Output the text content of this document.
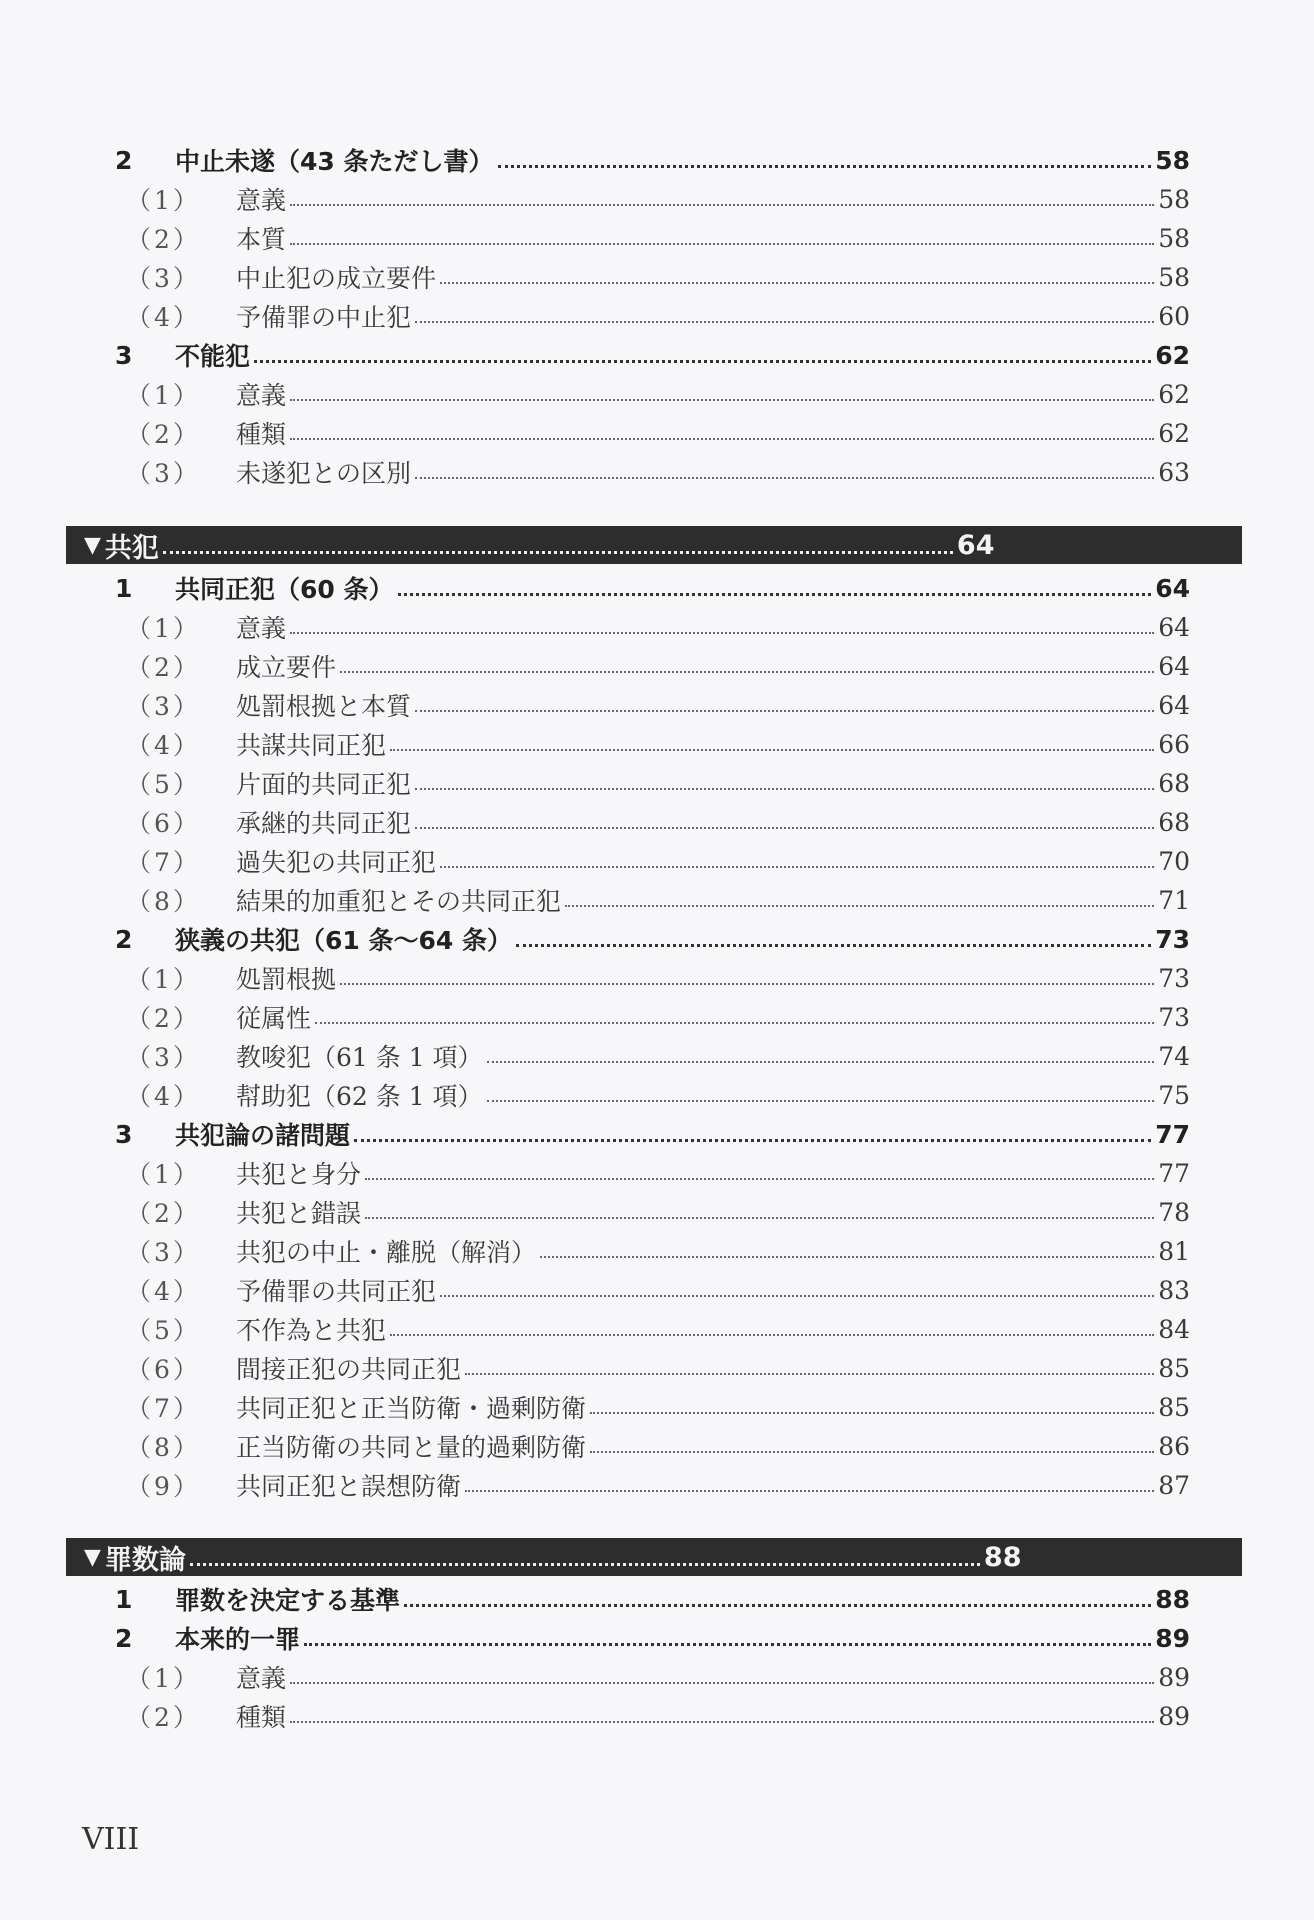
2	中止未遂（43 条ただし書）	58
（1）	意義	58
（2）	本質	58
（3）	中止犯の成立要件	58
（4）	予備罪の中止犯	60
3	不能犯	62
（1）	意義	62
（2）	種類	62
（3）	未遂犯との区別	63
▼ 共犯	64
1	共同正犯（60 条）	64
（1）	意義	64
（2）	成立要件	64
（3）	処罰根拠と本質	64
（4）	共謀共同正犯	66
（5）	片面的共同正犯	68
（6）	承継的共同正犯	68
（7）	過失犯の共同正犯	70
（8）	結果的加重犯とその共同正犯	71
2	狭義の共犯（61 条〜64 条）	73
（1）	処罰根拠	73
（2）	従属性	73
（3）	教唆犯（61 条 1 項）	74
（4）	幇助犯（62 条 1 項）	75
3	共犯論の諸問題	77
（1）	共犯と身分	77
（2）	共犯と錯誤	78
（3）	共犯の中止・離脱（解消）	81
（4）	予備罪の共同正犯	83
（5）	不作為と共犯	84
（6）	間接正犯の共同正犯	85
（7）	共同正犯と正当防衛・過剰防衛	85
（8）	正当防衛の共同と量的過剰防衛	86
（9）	共同正犯と誤想防衛	87
▼ 罪数論	88
1	罪数を決定する基準	88
2	本来的一罪	89
（1）	意義	89
（2）	種類	89
VIII
